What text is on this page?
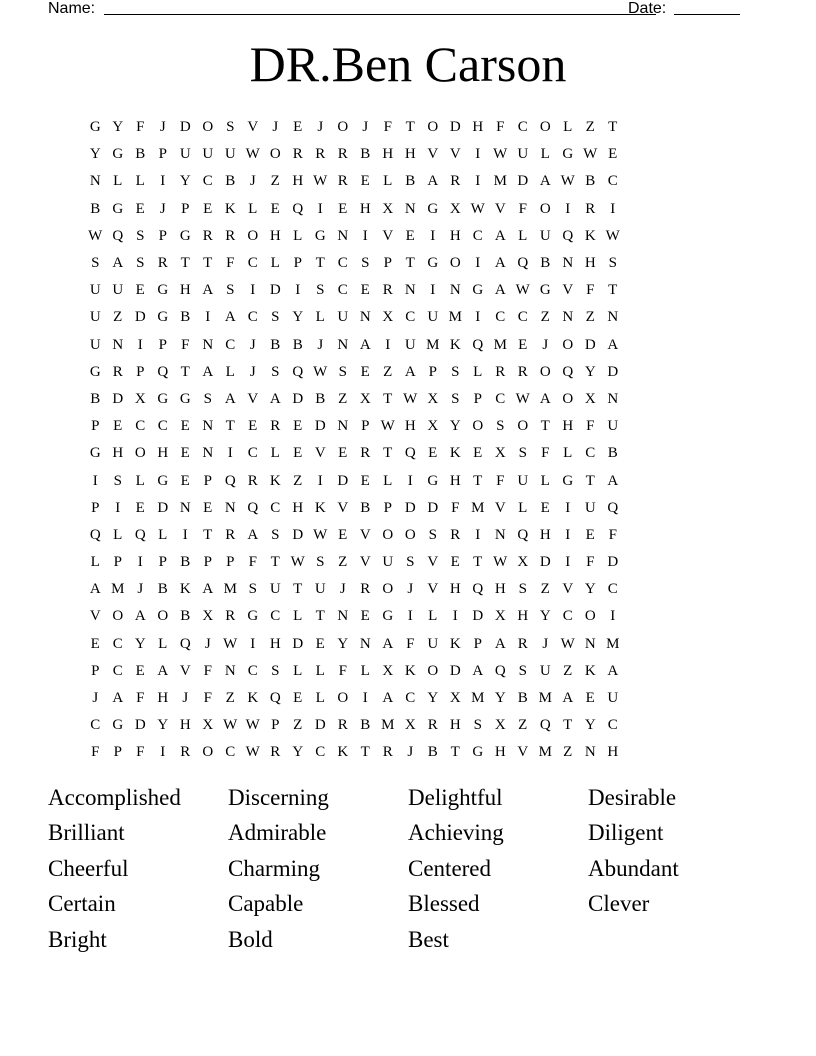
Name:	Date:
DR.Ben Carson
G Y F	J D O S V J E	J O J	F T O D H F C O L Z T
Y G B P U U U W O R R R B H H V V I W U L G W E
N L L	I Y C B J Z H W R E L B A R	I M D A W B C
B G E	J	P E K L E Q I	E H X N G X W V F O I R	I
W Q S P G R R O H L G N I V E	I H C A L U Q K W
S A S R T T F C L P T C S P T G O I A Q B N H S
U U E G H A S	I D I	S C E R N I N G A W G V F T
U Z D G B	I A C S Y L U N X C U M I C C Z N Z N
U N I	P F N C J B B J N A I U M K Q M E	J O D A
G R P Q T A L	J	S Q W S E Z A P S L R R O Q Y D
B D X G G S A V A D B Z X T W X S P C W A O X N
P E C C E N T E R E D N P W H X Y O S O T H F U
G H O H E N I C L E V E R T Q E K E X S F L C B
I	S L G E P Q R K Z	I D E L	I G H T F U L G T A
P	I	E D N E N Q C H K V B P D D F M V L E	I U Q
Q L Q L	I	T R A S D W E V O O S R	I N Q H I	E F
L P	I	P B P P F T W S Z V U S V E T W X D I	F D
A M J B K A M S U T U J R O J V H Q H S Z V Y C
V O A O B X R G C L T N E G I	L	I D X H Y C O I
E C Y L Q J W I H D E Y N A F U K P A R J W N M
P C E A V F N C S L L F L X K O D A Q S U Z K A
J A F H J	F Z K Q E L O I A C Y X M Y B M A E U
C G D Y H X W W P Z D R B M X R H S X Z Q T Y C
F P F	I R O C W R Y C K T R J B T G H V M Z N H
Accomplished	Discerning	Delightful	Desirable
Brilliant	Admirable	Achieving	Diligent
Cheerful	Charming	Centered	Abundant
Certain	Capable	Blessed	Clever
Bright	Bold	Best
